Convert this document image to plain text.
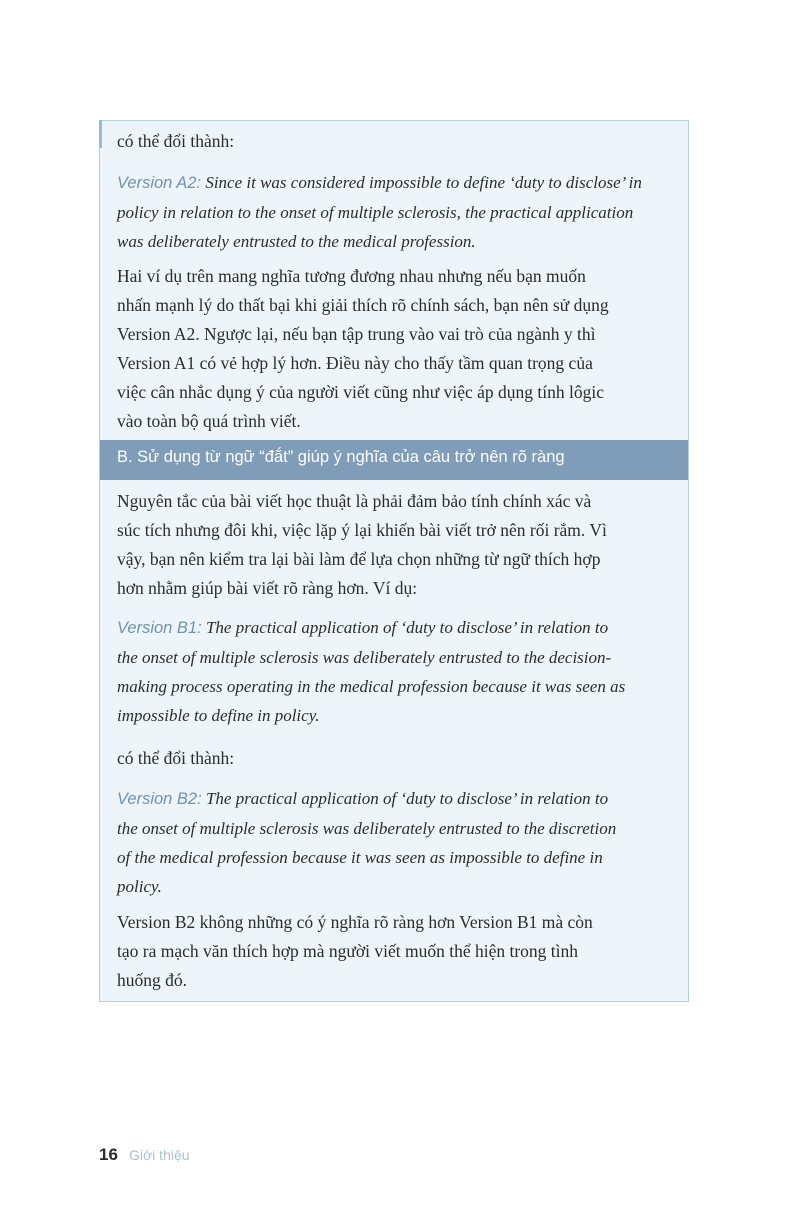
có thể đổi thành:

Version A2: Since it was considered impossible to define ‘duty to disclose’ in

policy in relation to the onset of multiple sclerosis, the practical application

was deliberately entrusted to the medical profession.

Hai ví dụ trên mang nghĩa tương đương nhau nhưng nếu bạn muốn

nhấn mạnh lý do thất bại khi giải thích rõ chính sách, bạn nên sử dụng

Version A2. Ngược lại, nếu bạn tập trung vào vai trò của ngành y thì

Version A1 có vẻ hợp lý hơn. Điều này cho thấy tầm quan trọng của

việc cân nhắc dụng ý của người viết cũng như việc áp dụng tính lôgic

vào toàn bộ quá trình viết.

B. Sử dụng từ ngữ “đắt” giúp ý nghĩa của câu trở nên rõ ràng

Nguyên tắc của bài viết học thuật là phải đảm bảo tính chính xác và

súc tích nhưng đôi khi, việc lặp ý lại khiến bài viết trở nên rối rắm. Vì

vậy, bạn nên kiểm tra lại bài làm để lựa chọn những từ ngữ thích hợp

hơn nhằm giúp bài viết rõ ràng hơn. Ví dụ:

Version B1: The practical application of ‘duty to disclose’ in relation to

the onset of multiple sclerosis was deliberately entrusted to the decision-

making process operating in the medical profession because it was seen as

impossible to define in policy.

có thể đổi thành:

Version B2: The practical application of ‘duty to disclose’ in relation to

the onset of multiple sclerosis was deliberately entrusted to the discretion

of the medical profession because it was seen as impossible to define in

policy.

Version B2 không những có ý nghĩa rõ ràng hơn Version B1 mà còn

tạo ra mạch văn thích hợp mà người viết muốn thể hiện trong tình

huống đó.

16 Giới thiệu
